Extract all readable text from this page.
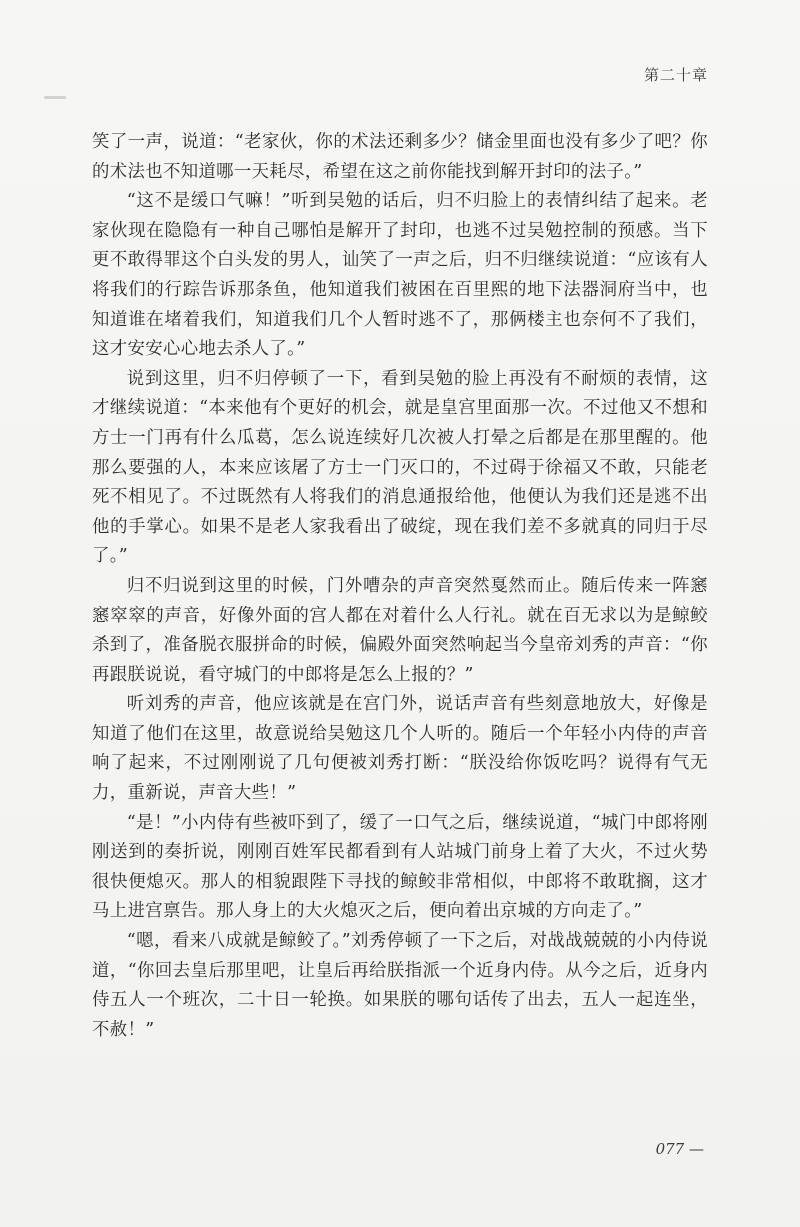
第二十章

笑了一声，说道：“老家伙，你的术法还剩多少？储金里面也没有多少了吧？你的术法也不知道哪一天耗尽，希望在这之前你能找到解开封印的法子。”

“这不是缓口气嘛！”听到吴勉的话后，归不归脸上的表情纠结了起来。老家伙现在隐隐有一种自己哪怕是解开了封印，也逃不过吴勉控制的预感。当下更不敢得罪这个白头发的男人，讪笑了一声之后，归不归继续说道：“应该有人将我们的行踪告诉那条鱼，他知道我们被困在百里熙的地下法器洞府当中，也知道谁在堵着我们，知道我们几个人暂时逃不了，那俩楼主也奈何不了我们，这才安安心心地去杀人了。”

说到这里，归不归停顿了一下，看到吴勉的脸上再没有不耐烦的表情，这才继续说道：“本来他有个更好的机会，就是皇宫里面那一次。不过他又不想和方士一门再有什么瓜葛，怎么说连续好几次被人打晕之后都是在那里醒的。他那么要强的人，本来应该屠了方士一门灭口的，不过碍于徐福又不敢，只能老死不相见了。不过既然有人将我们的消息通报给他，他便认为我们还是逃不出他的手掌心。如果不是老人家我看出了破绽，现在我们差不多就真的同归于尽了。”

归不归说到这里的时候，门外嘈杂的声音突然戛然而止。随后传来一阵窸窸窣窣的声音，好像外面的宫人都在对着什么人行礼。就在百无求以为是鲸鲛杀到了，准备脱衣服拼命的时候，偏殿外面突然响起当今皇帝刘秀的声音：“你再跟朕说说，看守城门的中郎将是怎么上报的？”

听刘秀的声音，他应该就是在宫门外，说话声音有些刻意地放大，好像是知道了他们在这里，故意说给吴勉这几个人听的。随后一个年轻小内侍的声音响了起来，不过刚刚说了几句便被刘秀打断：“朕没给你饭吃吗？说得有气无力，重新说，声音大些！”

“是！”小内侍有些被吓到了，缓了一口气之后，继续说道，“城门中郎将刚刚送到的奏折说，刚刚百姓军民都看到有人站城门前身上着了大火，不过火势很快便熄灭。那人的相貌跟陛下寻找的鲸鲛非常相似，中郎将不敢耽搁，这才马上进宫禀告。那人身上的大火熄灭之后，便向着出京城的方向走了。”

“嗯，看来八成就是鲸鲛了。”刘秀停顿了一下之后，对战战兢兢的小内侍说道，“你回去皇后那里吧，让皇后再给朕指派一个近身内侍。从今之后，近身内侍五人一个班次，二十日一轮换。如果朕的哪句话传了出去，五人一起连坐，不赦！”

077 —
